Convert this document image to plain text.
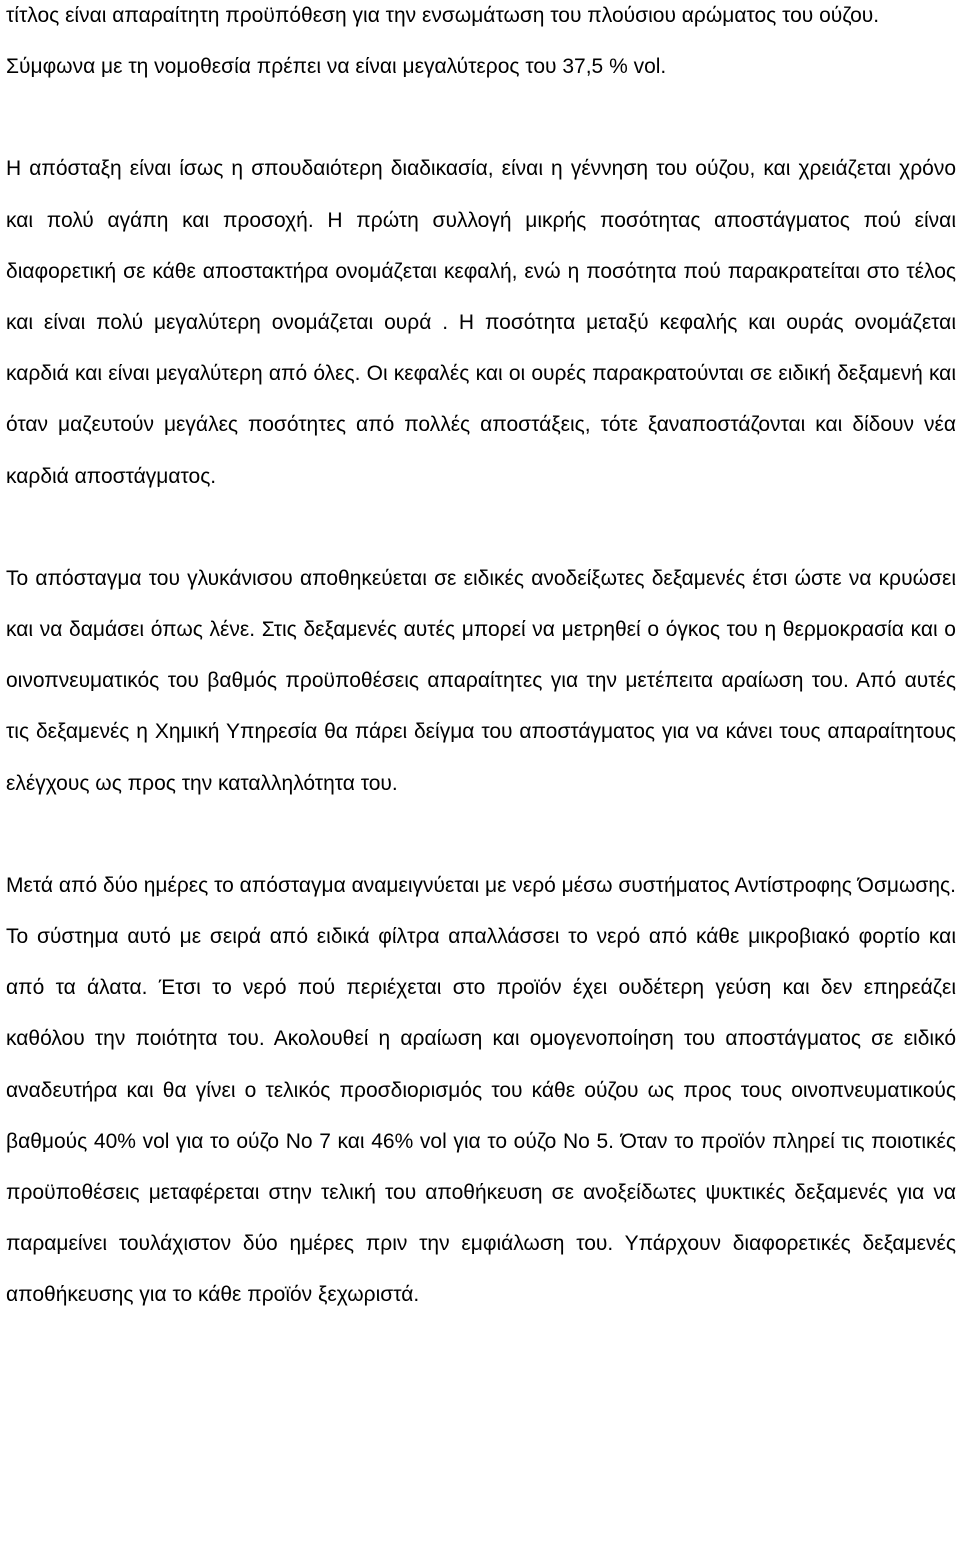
τίτλος είναι απαραίτητη προϋπόθεση για την ενσωμάτωση του πλούσιου αρώματος του ούζου.

Σύμφωνα με τη νομοθεσία πρέπει να είναι μεγαλύτερος του 37,5 % vol.

Η απόσταξη είναι ίσως η σπουδαιότερη διαδικασία, είναι η γέννηση του ούζου, και χρειάζεται χρόνο και πολύ αγάπη και προσοχή. Η πρώτη συλλογή μικρής ποσότητας αποστάγματος πού είναι διαφορετική σε κάθε αποστακτήρα ονομάζεται κεφαλή, ενώ η ποσότητα πού παρακρατείται στο τέλος και είναι πολύ μεγαλύτερη ονομάζεται ουρά . Η ποσότητα μεταξύ κεφαλής και ουράς ονομάζεται καρδιά και είναι μεγαλύτερη από όλες. Οι κεφαλές και οι ουρές παρακρατούνται σε ειδική δεξαμενή και όταν μαζευτούν μεγάλες ποσότητες από πολλές αποστάξεις, τότε ξαναποστάζονται και δίδουν νέα καρδιά αποστάγματος.

Το απόσταγμα του γλυκάνισου αποθηκεύεται σε ειδικές ανοδείξωτες δεξαμενές έτσι ώστε να κρυώσει και να δαμάσει όπως λένε. Στις δεξαμενές αυτές μπορεί να μετρηθεί ο όγκος του η θερμοκρασία και ο οινοπνευματικός του βαθμός προϋποθέσεις απαραίτητες για την μετέπειτα αραίωση του. Από αυτές τις δεξαμενές η Χημική Υπηρεσία θα πάρει δείγμα του αποστάγματος για να κάνει τους απαραίτητους ελέγχους ως προς την καταλληλότητα του.

Μετά από δύο ημέρες το απόσταγμα αναμειγνύεται με νερό μέσω συστήματος Αντίστροφης Όσμωσης. Το σύστημα αυτό με σειρά από ειδικά φίλτρα απαλλάσσει το νερό από κάθε μικροβιακό φορτίο και από τα άλατα. Έτσι το νερό πού περιέχεται στο προϊόν έχει ουδέτερη γεύση και δεν επηρεάζει καθόλου την ποιότητα του. Ακολουθεί η αραίωση και ομογενοποίηση του αποστάγματος σε ειδικό αναδευτήρα και θα γίνει ο τελικός προσδιορισμός του κάθε ούζου ως προς τους οινοπνευματικούς βαθμούς 40% vol για το ούζο Νο 7 και 46% vol για το ούζο Νο 5. Όταν το προϊόν πληρεί τις ποιοτικές προϋποθέσεις μεταφέρεται στην τελική του αποθήκευση σε ανοξείδωτες ψυκτικές δεξαμενές για να παραμείνει τουλάχιστον δύο ημέρες πριν την εμφιάλωση του. Υπάρχουν διαφορετικές δεξαμενές αποθήκευσης για το κάθε προϊόν ξεχωριστά.
